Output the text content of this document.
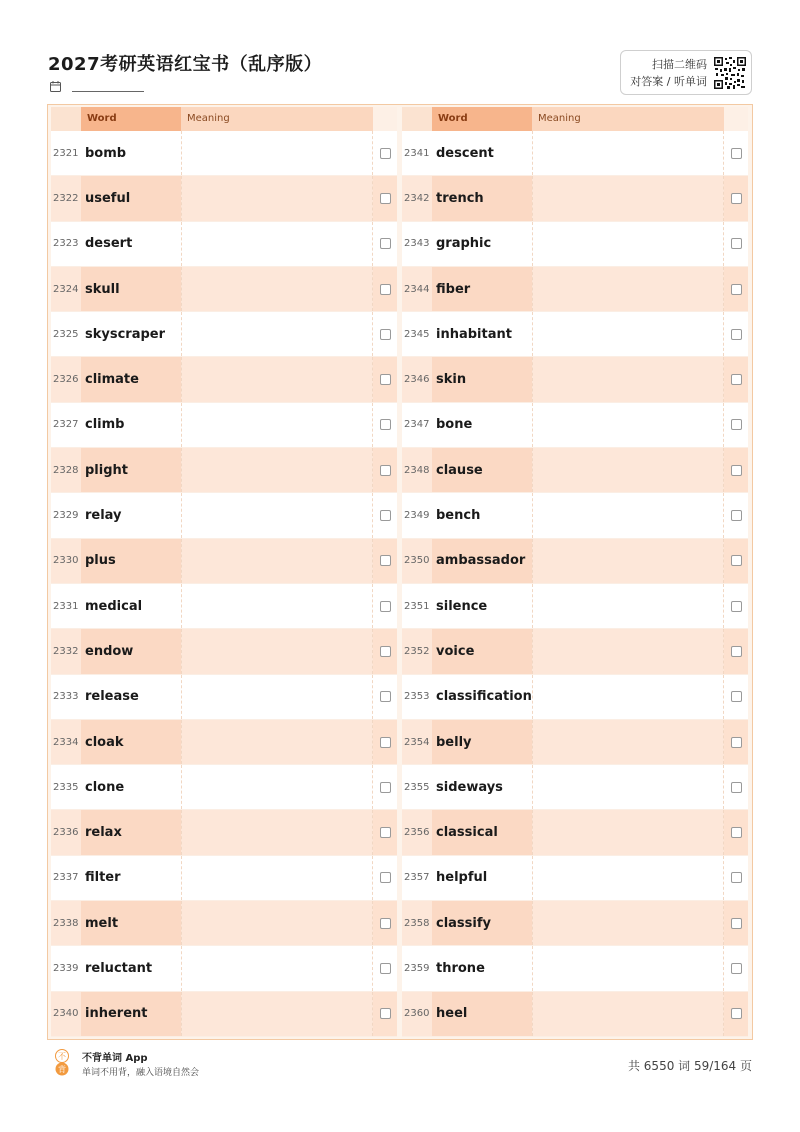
2027考研英语红宝书（乱序版）	扫描二维码
对答案 / 听单词
Word	Meaning
2321 bomb
2322 useful
2323 desert
2324 skull
2325 skyscraper
2326 climate
2327 climb
2328 plight
2329 relay
2330 plus
2331 medical
2332 endow
2333 release
2334 cloak
2335 clone
2336 relax
2337 filter
2338 melt
2339 reluctant
2340 inherent
Word	Meaning
2341 descent
2342 trench
2343 graphic
2344 fiber
2345 inhabitant
2346 skin
2347 bone
2348 clause
2349 bench
2350 ambassador
2351 silence
2352 voice
2353 classification
2354 belly
2355 sideways
2356 classical
2357 helpful
2358 classify
2359 throne
2360 heel
不
背
不背单词 App
单词不用背，融入语境自然会	共 6550 词 59/164 页
